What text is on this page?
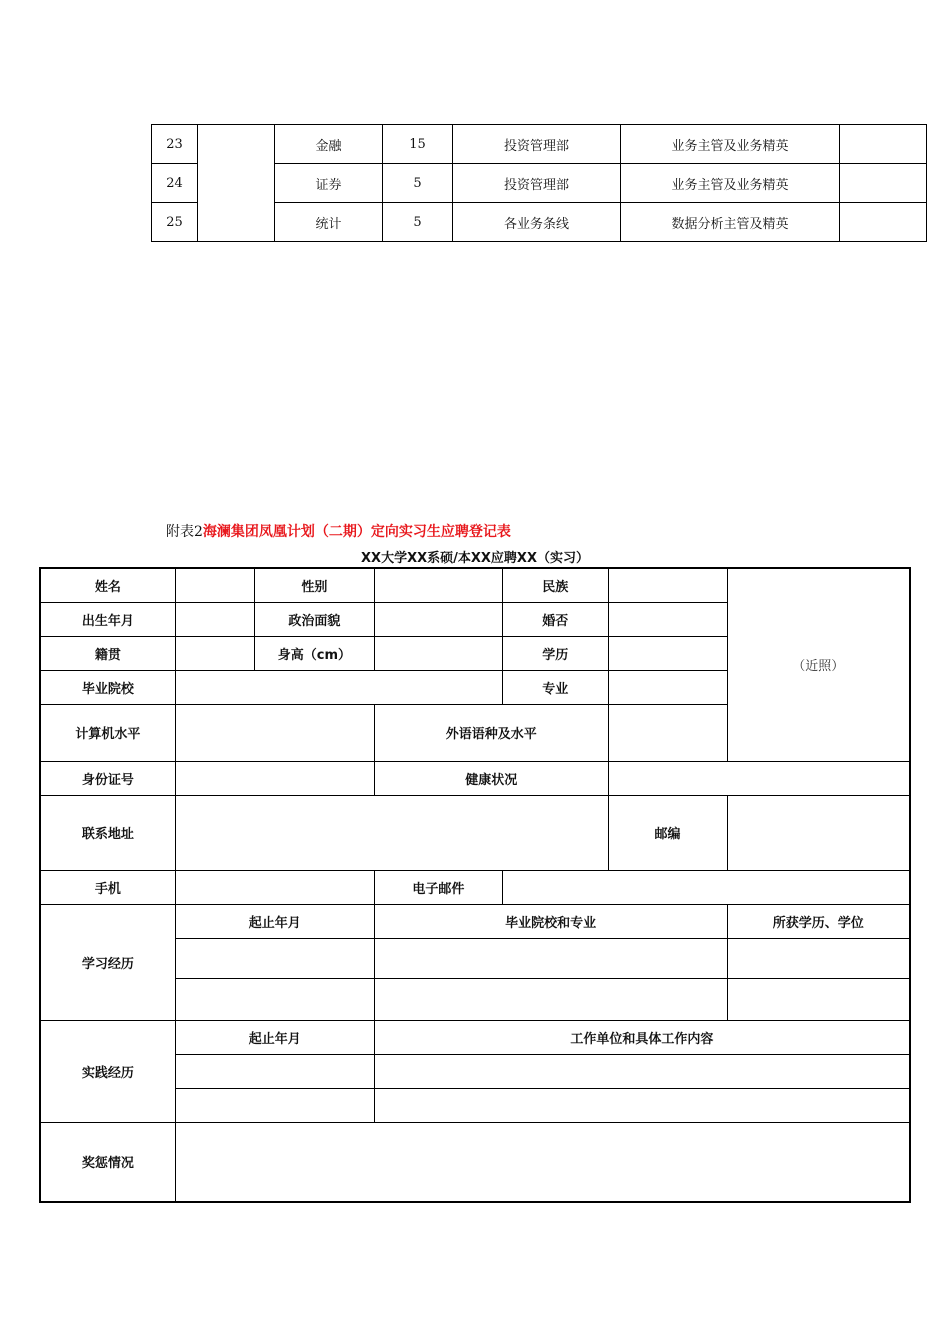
23		金融	15	投资管理部	业务主管及业务精英	
24		证券	5	投资管理部	业务主管及业务精英	
25		统计	5	各业务条线	数据分析主管及精英	
附表2海澜集团凤凰计划（二期）定向实习生应聘登记表
XX大学XX系硕/本XX应聘XX（实习）
姓名		性别		民族		（近照）
出生年月		政治面貌		婚否		
籍贯		身高（cm）		学历		
毕业院校				专业		
计算机水平			外语语种及水平			
身份证号			健康状况			
联系地址					邮编	
手机			电子邮件			
学习经历	起止年月		毕业院校和专业			所获学历、学位

实践经历	起止年月		工作单位和具体工作内容			

奖惩情况						
